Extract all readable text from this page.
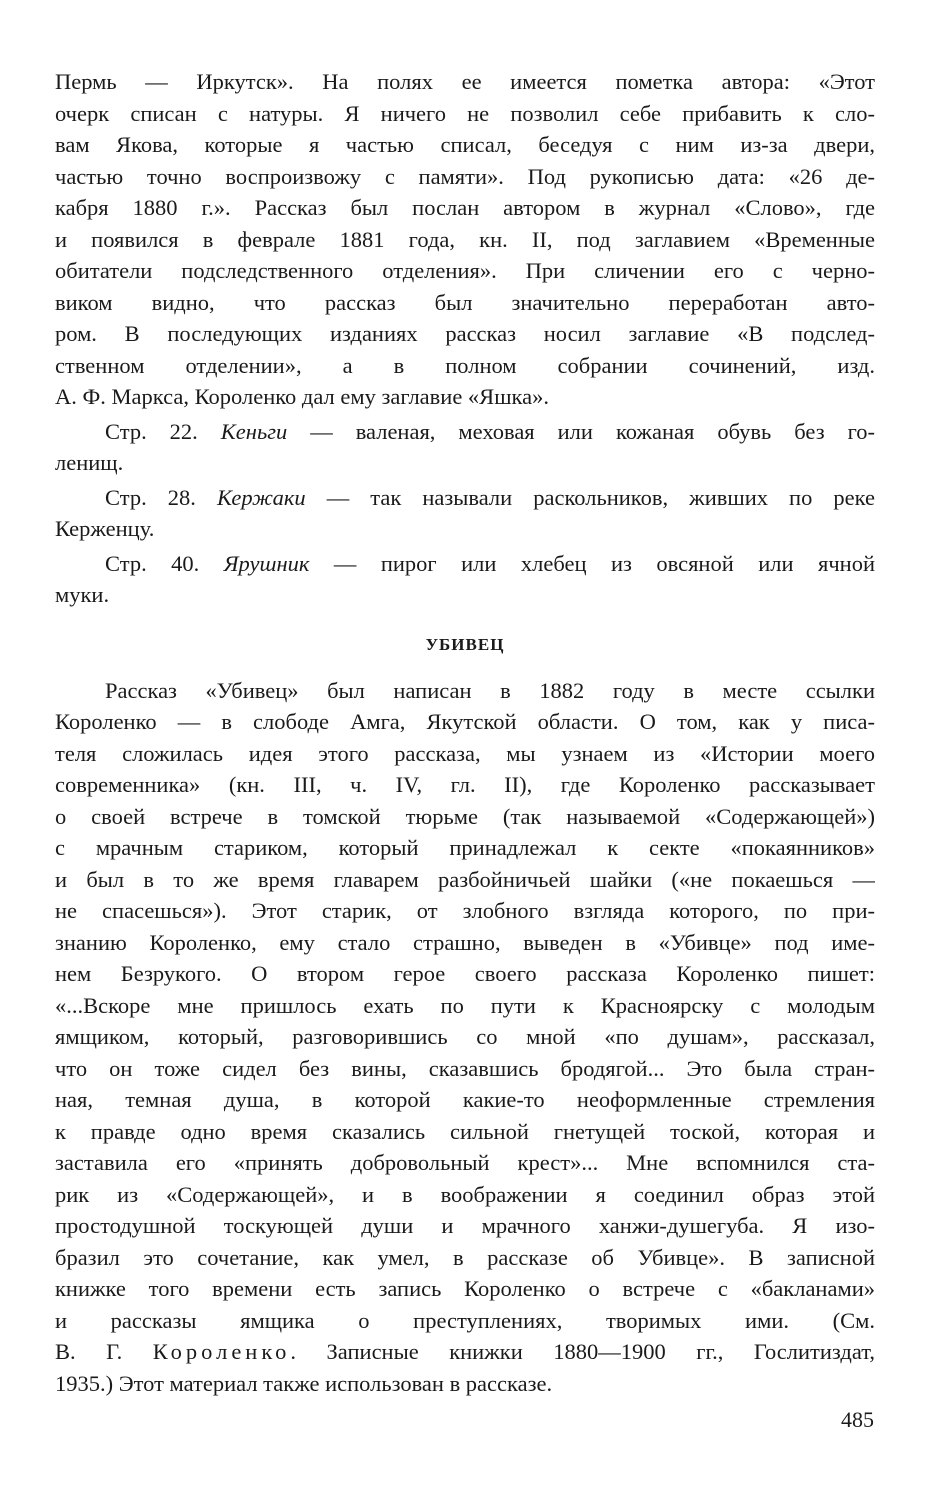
Пермь — Иркутск». На полях ее имеется пометка автора: «Этот
очерк списан с натуры. Я ничего не позволил себе прибавить к сло-
вам Якова, которые я частью списал, беседуя с ним из-за двери,
частью точно воспроизвожу с памяти». Под рукописью дата: «26 де-
кабря 1880 г.». Рассказ был послан автором в журнал «Слово», где
и появился в феврале 1881 года, кн. II, под заглавием «Временные
обитатели подследственного отделения». При сличении его с черно-
виком видно, что рассказ был значительно переработан авто-
ром. В последующих изданиях рассказ носил заглавие «В подслед-
ственном отделении», а в полном собрании сочинений, изд.
А. Ф. Маркса, Короленко дал ему заглавие «Яшка».
Стр. 22. Keньги — валеная, меховая или кожаная обувь без го-
ленищ.
Стр. 28. Кержаки — так называли раскольников, живших по реке
Керженцу.
Стр. 40. Ярушник — пирог или хлебец из овсяной или ячной
муки.
УБИВЕЦ
Рассказ «Убивец» был написан в 1882 году в месте ссылки
Короленко — в слободе Амга, Якутской области. О том, как у писа-
теля сложилась идея этого рассказа, мы узнаем из «Истории моего
современника» (кн. III, ч. IV, гл. II), где Короленко рассказывает
о своей встрече в томской тюрьме (так называемой «Содержающей»)
с мрачным стариком, который принадлежал к секте «покаянников»
и был в то же время главарем разбойничьей шайки («не покаешься —
не спасешься»). Этот старик, от злобного взгляда которого, по при-
знанию Короленко, ему стало страшно, выведен в «Убивце» под име-
нем Безрукого. О втором герое своего рассказа Короленко пишет:
«...Вскоре мне пришлось ехать по пути к Красноярску с молодым
ямщиком, который, разговорившись со мной «по душам», рассказал,
что он тоже сидел без вины, сказавшись бродягой... Это была стран-
ная, темная душа, в которой какие-то неоформленные стремления
к правде одно время сказались сильной гнетущей тоской, которая и
заставила его «принять добровольный крест»... Мне вспомнился ста-
рик из «Содержающей», и в воображении я соединил образ этой
простодушной тоскующей души и мрачного ханжи-душегуба. Я изо-
бразил это сочетание, как умел, в рассказе об Убивце». В записной
книжке того времени есть запись Короленко о встрече с «бакланами»
и рассказы ямщика о преступлениях, творимых ими. (См.
В. Г. Короленко. Записные книжки 1880—1900 гг., Гослитиздат,
1935.) Этот материал также использован в рассказе.
485
